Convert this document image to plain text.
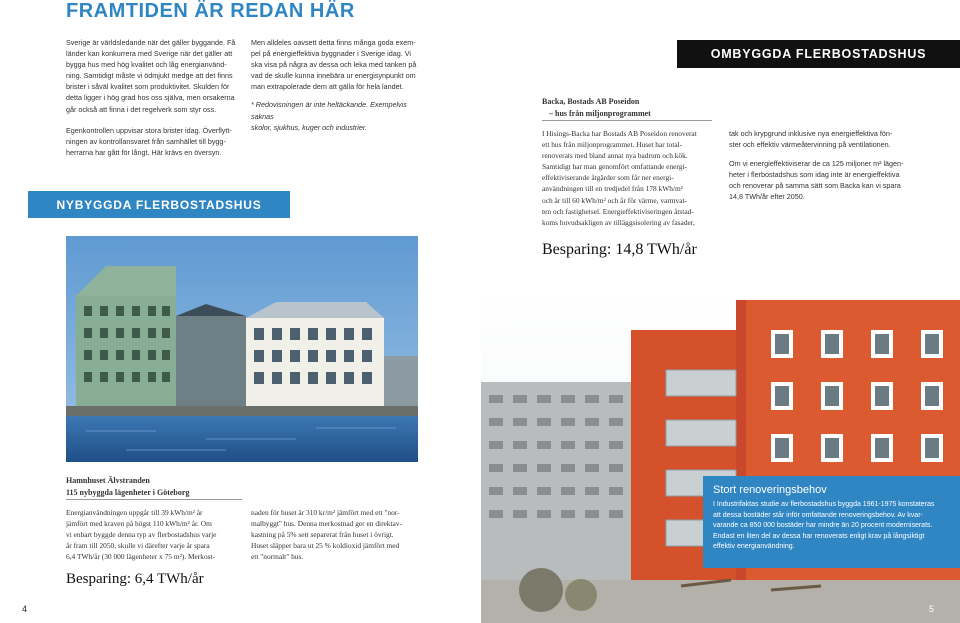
FRAMTIDEN ÄR REDAN HÄR

Sverige är världsledande när det gäller byggande. Få
länder kan konkurrera med Sverige när det gäller att
bygga hus med hög kvalitet och låg energianvänd-
ning. Samtidigt måste vi ödmjukt medge att det finns
brister i såväl kvalitet som produktivitet. Skulden för
detta ligger i hög grad hos oss själva, men orsakerna
går också att finna i det regelverk som styr oss.

Egenkontrollen uppvisar stora brister idag. Överflytt-
ningen av kontrollansvaret från samhället till bygg-
herrarna har gått för långt. Här krävs en översyn.

Men alldeles oavsett detta finns många goda exem-
pel på energieffektiva byggnader i Sverige idag. Vi
ska visa på några av dessa och leka med tanken på
vad de skulle kunna innebära ur energisynpunkt om
man extrapolerade dem att gälla för hela landet.

* Redovisningen är inte heltäckande. Exempelvis saknas
skolor, sjukhus, kuger och industrier.

NYBYGGDA FLERBOSTADSHUS
Hamnhuset Älvstranden
115 nybyggda lägenheter i Göteborg

Energianvändningen uppgår till 39 kWh/m² år
jämfört med kraven på högst 110 kWh/m² år. Om
vi enbart byggde denna typ av flerbostadshus varje
år fram till 2050, skulle vi därefter varje år spara
6,4 TWh/år (30 000 lägenheter x 75 m²). Merkost-

naden för huset är 310 kr/m² jämfört med ett "nor-
malbyggt" hus. Denna merkostnad ger en direktav-
kastning på 5% sett separerat från huset i övrigt.
Huset släpper bara ut 25 % koldioxid jämfört med
ett "normalt" hus.

Besparing: 6,4 TWh/år
4
OMBYGGDA FLERBOSTADSHUS
Backa, Bostads AB Poseidon
– hus från miljonprogrammet

I Hisings-Backa har Bostads AB Poseidon renoverat
ett hus från miljonprogrammet. Huset har total-
renoverats med bland annat nya badrum och kök.
Samtidigt har man genomfört omfattande energi-
effektiviserande åtgärder som får ner energi-
användningen till en tredjedel från 178 kWh/m²
och år till 60 kWh/m² och år för värme, varmvat-
ten och fastighetsel. Energieffektiviseringen åtstad-
koms huvudsakligen av tilläggsisolering av fasader,

tak och krypgrund inklusive nya energieffektiva fön-
ster och effektiv värmeåtervinning på ventilationen.

Om vi energieffektiviserar de ca 125 miljoner m² lägen-
heter i flerbostadshus som idag inte är energieffektiva
och renoverar på samma sätt som Backa kan vi spara
14,8 TWh/år efter 2050.

Besparing: 14,8 TWh/år
Stort renoveringsbehov
I Industrifaktas studie av flerbostadshus byggda 1961-1975 konstateras
att dessa bostäder står inför omfattande renoveringsbehov. Av kvar-
varande ca 850 000 bostäder har mindre än 20 procent moderniserats.
Endast en liten del av dessa har renoverats enligt krav på långsiktigt
effektiv energianvändning.
5
